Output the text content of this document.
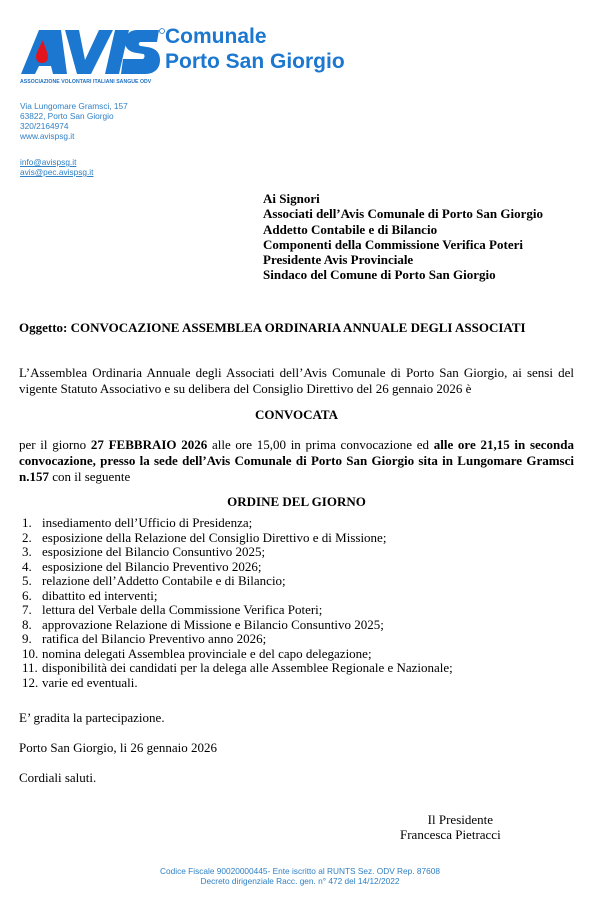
ASSOCIAZIONE VOLONTARI ITALIANI SANGUE ODV
Comunale
Porto San Giorgio
Via Lungomare Gramsci, 157
63822, Porto San Giorgio
320/2164974
www.avispsg.it
info@avispsg.it
avis@pec.avispsg.it
Ai Signori
Associati dell’Avis Comunale di Porto San Giorgio
Addetto Contabile e di Bilancio
Componenti della Commissione Verifica Poteri
Presidente Avis Provinciale
Sindaco del Comune di Porto San Giorgio
Oggetto: CONVOCAZIONE ASSEMBLEA ORDINARIA ANNUALE DEGLI ASSOCIATI
L’Assemblea Ordinaria Annuale degli Associati dell’Avis Comunale di Porto San Giorgio, ai sensi del vigente Statuto Associativo e su delibera del Consiglio Direttivo del 26 gennaio 2026 è
CONVOCATA
per il giorno 27 FEBBRAIO 2026 alle ore 15,00 in prima convocazione ed alle ore 21,15 in seconda convocazione, presso la sede dell’Avis Comunale di Porto San Giorgio sita in Lungomare Gramsci n.157 con il seguente
ORDINE DEL GIORNO
1. insediamento dell’Ufficio di Presidenza;
2. esposizione della Relazione del Consiglio Direttivo e di Missione;
3. esposizione del Bilancio Consuntivo 2025;
4. esposizione del Bilancio Preventivo 2026;
5. relazione dell’Addetto Contabile e di Bilancio;
6. dibattito ed interventi;
7. lettura del Verbale della Commissione Verifica Poteri;
8. approvazione Relazione di Missione e Bilancio Consuntivo 2025;
9. ratifica del Bilancio Preventivo anno 2026;
10. nomina delegati Assemblea provinciale e del capo delegazione;
11. disponibilità dei candidati per la delega alle Assemblee Regionale e Nazionale;
12. varie ed eventuali.
E’ gradita la partecipazione.
Porto San Giorgio, li 26 gennaio 2026
Cordiali saluti.
Il Presidente
Francesca Pietracci
Codice Fiscale 90020000445- Ente iscritto al RUNTS Sez. ODV Rep. 87608
Decreto dirigenziale Racc. gen. n° 472 del 14/12/2022
